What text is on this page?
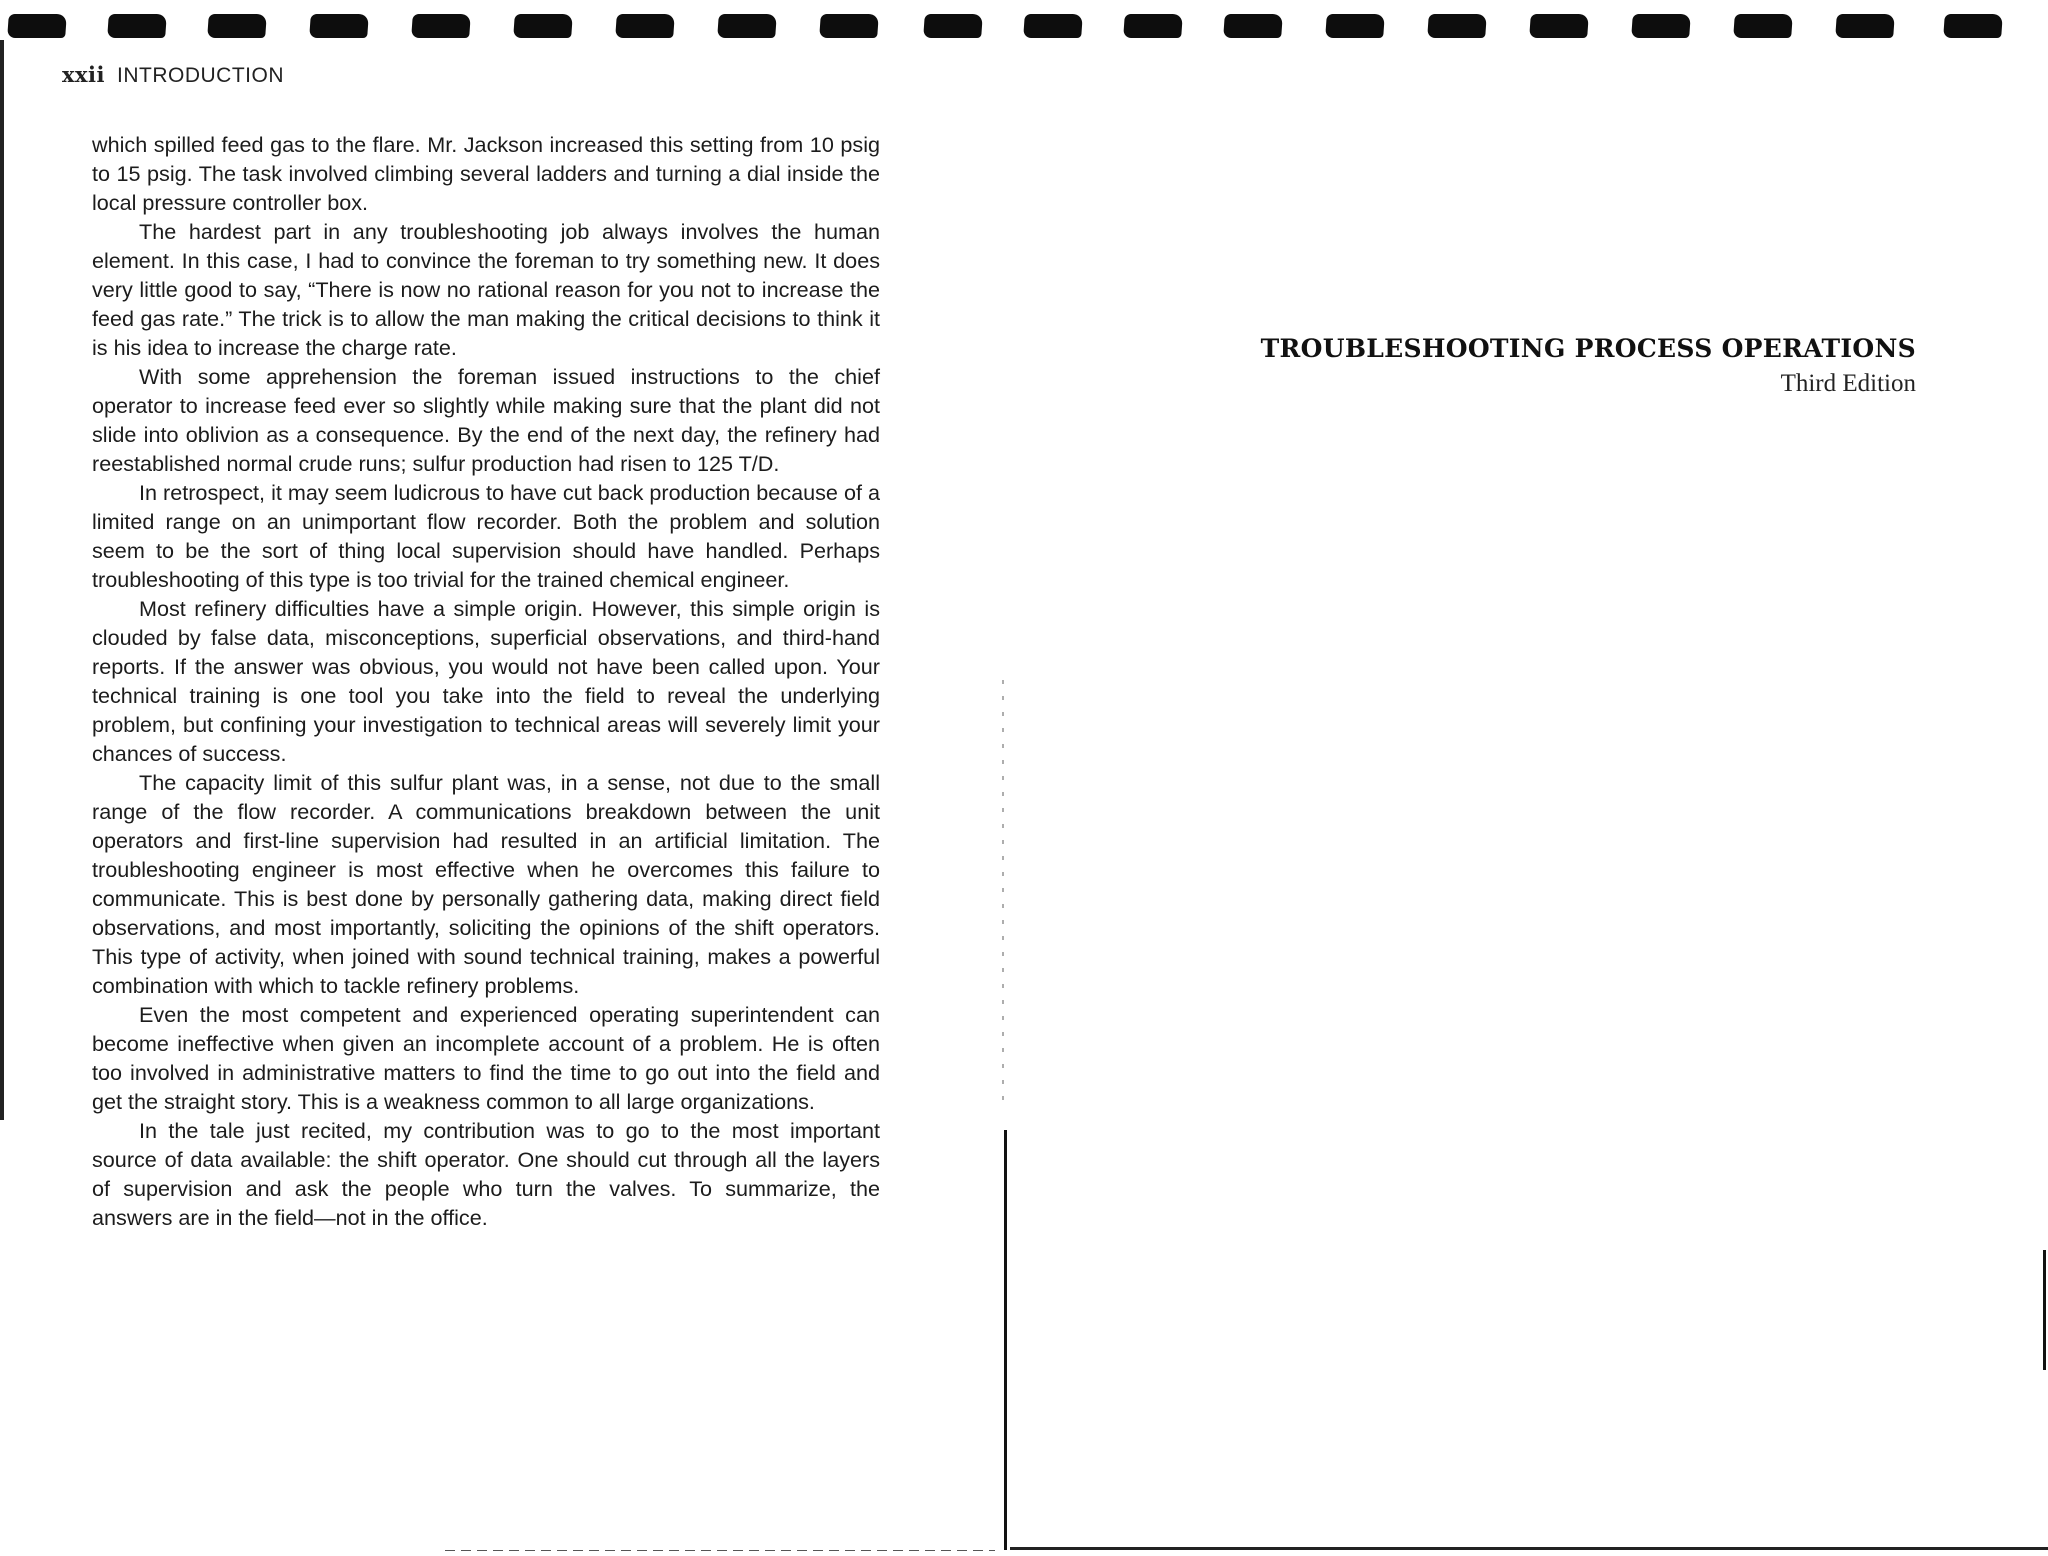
xxii INTRODUCTION

which spilled feed gas to the flare. Mr. Jackson increased this setting from 10 psig to 15 psig. The task involved climbing several ladders and turning a dial inside the local pressure controller box.

The hardest part in any troubleshooting job always involves the human element. In this case, I had to convince the foreman to try something new. It does very little good to say, “There is now no rational reason for you not to increase the feed gas rate.” The trick is to allow the man making the critical decisions to think it is his idea to increase the charge rate.

With some apprehension the foreman issued instructions to the chief operator to increase feed ever so slightly while making sure that the plant did not slide into oblivion as a consequence. By the end of the next day, the refinery had reestablished normal crude runs; sulfur production had risen to 125 T/D.

In retrospect, it may seem ludicrous to have cut back production because of a limited range on an unimportant flow recorder. Both the problem and solution seem to be the sort of thing local supervision should have handled. Perhaps troubleshooting of this type is too trivial for the trained chemical engineer.

Most refinery difficulties have a simple origin. However, this simple origin is clouded by false data, misconceptions, superficial observations, and third-hand reports. If the answer was obvious, you would not have been called upon. Your technical training is one tool you take into the field to reveal the underlying problem, but confining your investigation to technical areas will severely limit your chances of success.

The capacity limit of this sulfur plant was, in a sense, not due to the small range of the flow recorder. A communications breakdown between the unit operators and first-line supervision had resulted in an artificial limitation. The troubleshooting engineer is most effective when he overcomes this failure to communicate. This is best done by personally gathering data, making direct field observations, and most importantly, soliciting the opinions of the shift operators. This type of activity, when joined with sound technical training, makes a powerful combination with which to tackle refinery problems.

Even the most competent and experienced operating superintendent can become ineffective when given an incomplete account of a problem. He is often too involved in administrative matters to find the time to go out into the field and get the straight story. This is a weakness common to all large organizations.

In the tale just recited, my contribution was to go to the most important source of data available: the shift operator. One should cut through all the layers of supervision and ask the people who turn the valves. To summarize, the answers are in the field—not in the office.

TROUBLESHOOTING PROCESS OPERATIONS
Third Edition
